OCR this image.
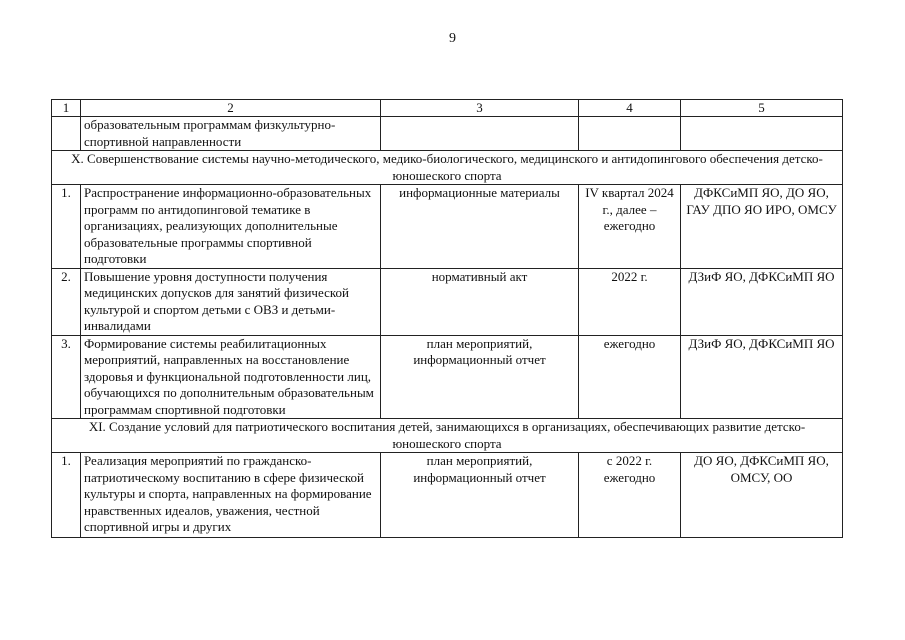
9
1	2	3	4	5
	образовательным программам физкультурно-спортивной направленности			
X. Совершенствование системы научно-методического, медико-биологического, медицинского и антидопингового обеспечения детско-юношеского спорта				
1.	Распространение информационно-образовательных программ по антидопинговой тематике в организациях, реализующих дополнительные образовательные программы спортивной подготовки	информационные материалы	IV квартал 2024 г., далее – ежегодно	ДФКСиМП ЯО, ДО ЯО, ГАУ ДПО ЯО ИРО, ОМСУ
2.	Повышение уровня доступности получения медицинских допусков для занятий физической культурой и спортом детьми с ОВЗ и детьми-инвалидами	нормативный акт	2022 г.	ДЗиФ ЯО, ДФКСиМП ЯО
3.	Формирование системы реабилитационных мероприятий, направленных на восстановление здоровья и функциональной подготовленности лиц, обучающихся по дополнительным образовательным программам спортивной подготовки	план мероприятий, информационный отчет	ежегодно	ДЗиФ ЯО, ДФКСиМП ЯО
XI. Создание условий для патриотического воспитания детей, занимающихся в организациях, обеспечивающих развитие детско-юношеского спорта				

1.	Реализация мероприятий по гражданско-патриотическому воспитанию в сфере физической культуры и спорта, направленных на формирование нравственных идеалов, уважения, честной спортивной игры и других	план мероприятий, информационный отчет	с 2022 г. ежегодно	ДО ЯО, ДФКСиМП ЯО, ОМСУ, ОО
